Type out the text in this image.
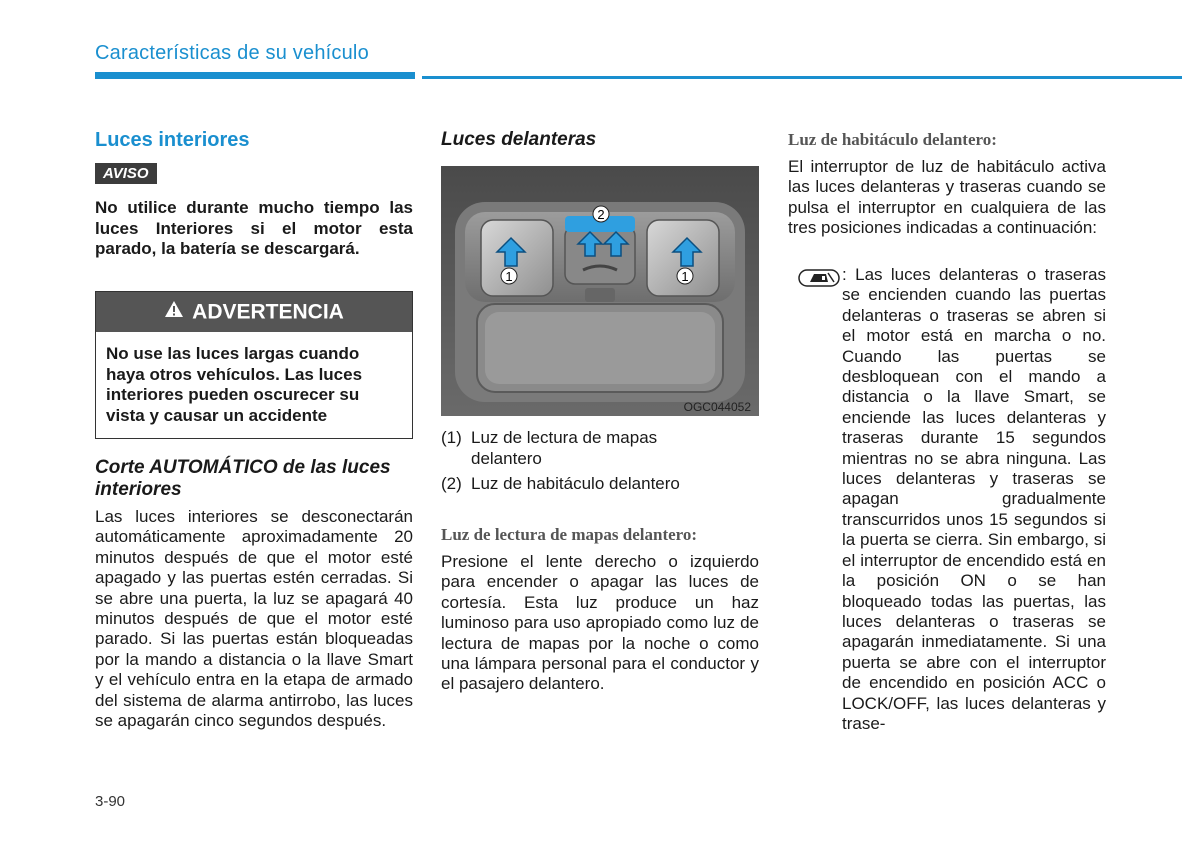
Características de su vehículo
Luces interiores
AVISO
No utilice durante mucho tiempo las luces Interiores si el motor esta parado, la batería se descargará.
ADVERTENCIA
No use las luces largas cuando haya otros vehículos. Las luces interiores pueden oscurecer su vista y causar un accidente
Corte AUTOMÁTICO de las luces interiores
Las luces interiores se desconectarán automáticamente aproximadamente 20 minutos después de que el motor esté apagado y las puertas estén cerradas. Si se abre una puerta, la luz se apagará 40 minutos después de que el motor esté parado. Si las puertas están bloqueadas por la mando a distancia o la llave Smart y el vehículo entra en la etapa de armado del sistema de alarma antirrobo, las luces se apagarán cinco segundos después.
3-90
Luces delanteras
1	1
2
OGC044052
(1) Luz de lectura de mapas delantero
(2) Luz de habitáculo delantero
Luz de lectura de mapas delantero:
Presione el lente derecho o izquierdo para encender o apagar las luces de cortesía. Esta luz produce un haz luminoso para uso apropiado como luz de lectura de mapas por la noche o como una lámpara personal para el conductor y el pasajero delantero.
Luz de habitáculo delantero:
El interruptor de luz de habitáculo activa las luces delanteras y traseras cuando se pulsa el interruptor en cualquiera de las tres posiciones indicadas a continuación:
: Las luces delanteras o traseras se encienden cuando las puertas delanteras o traseras se abren si el motor está en marcha o no. Cuando las puertas se desbloquean con el mando a distancia o la llave Smart, se enciende las luces delanteras y traseras durante 15 segundos mientras no se abra ninguna. Las luces delanteras y traseras se apagan gradualmente transcurridos unos 15 segundos si la puerta se cierra. Sin embargo, si el interruptor de encendido está en la posición ON o se han bloqueado todas las puertas, las luces delanteras o traseras se apagarán inmediatamente. Si una puerta se abre con el interruptor de encendido en posición ACC o LOCK/OFF, las luces delanteras y trase-
